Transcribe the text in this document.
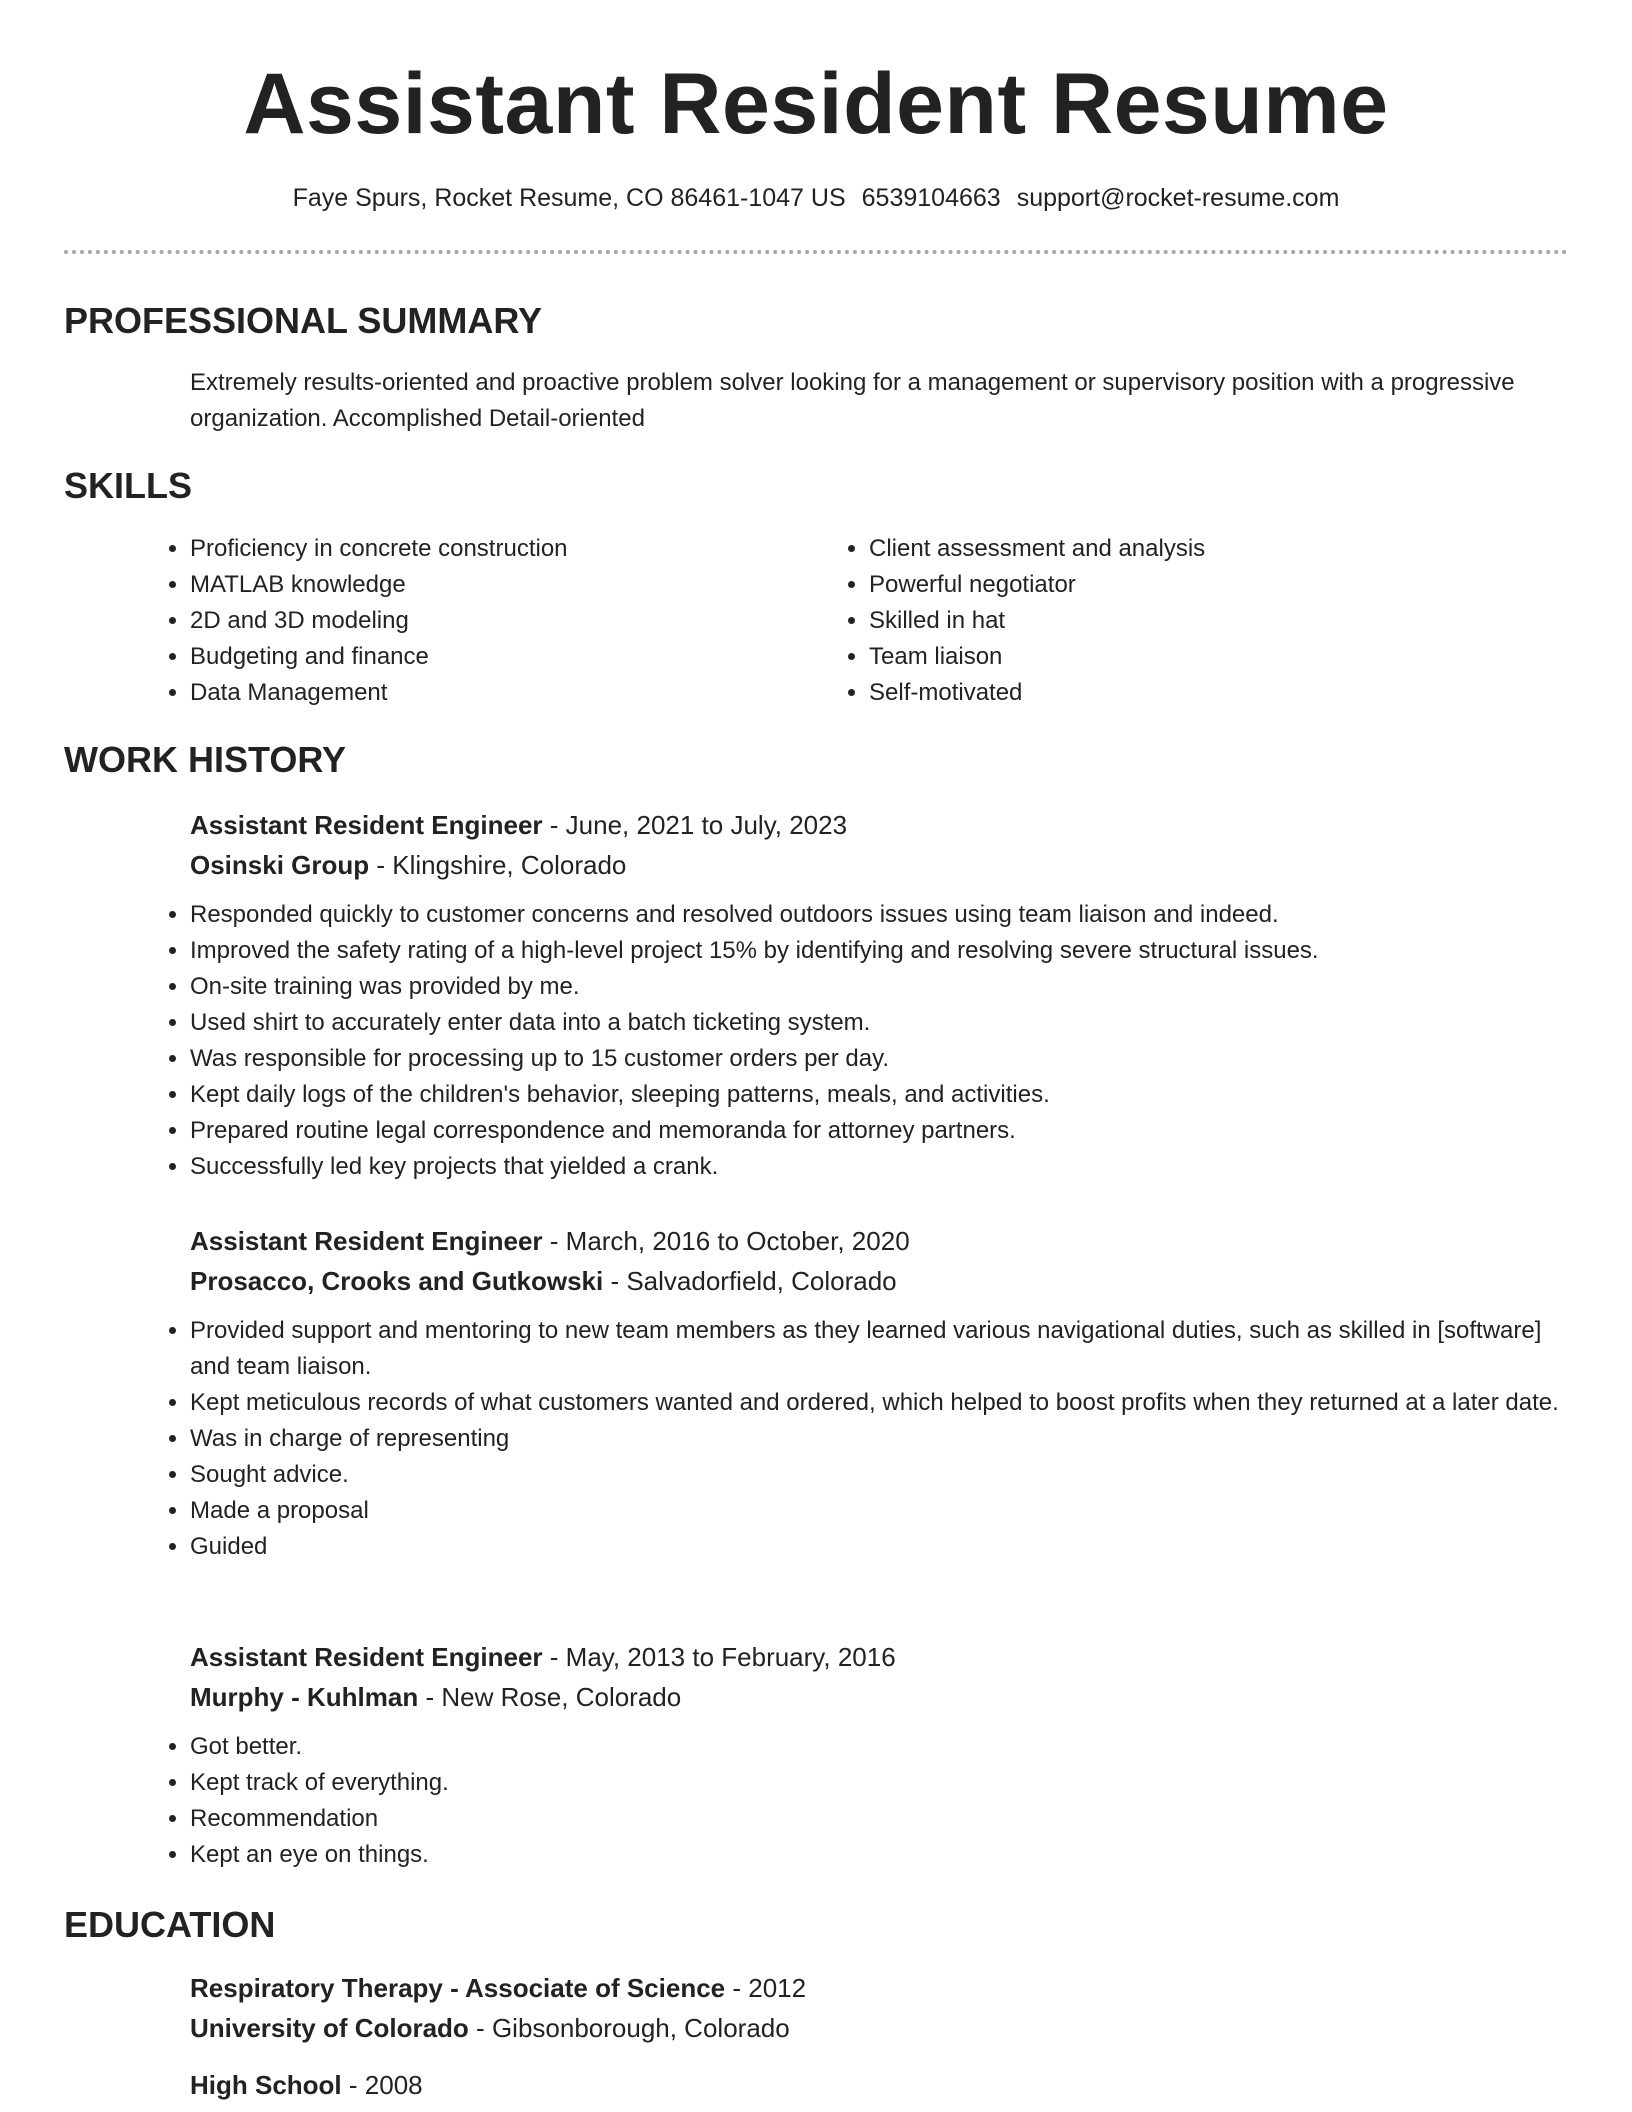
Assistant Resident Resume
Faye Spurs, Rocket Resume, CO 86461-1047 US 6539104663 support@rocket-resume.com
PROFESSIONAL SUMMARY

Extremely results-oriented and proactive problem solver looking for a management or supervisory position with a progressive organization. Accomplished Detail-oriented

SKILLS
• Proficiency in concrete construction
• MATLAB knowledge
• 2D and 3D modeling
• Budgeting and finance
• Data Management
• Client assessment and analysis
• Powerful negotiator
• Skilled in hat
• Team liaison
• Self-motivated
WORK HISTORY
Assistant Resident Engineer - June, 2021 to July, 2023
Osinski Group - Klingshire, Colorado
• Responded quickly to customer concerns and resolved outdoors issues using team liaison and indeed.
• Improved the safety rating of a high-level project 15% by identifying and resolving severe structural issues.
• On-site training was provided by me.
• Used shirt to accurately enter data into a batch ticketing system.
• Was responsible for processing up to 15 customer orders per day.
• Kept daily logs of the children's behavior, sleeping patterns, meals, and activities.
• Prepared routine legal correspondence and memoranda for attorney partners.
• Successfully led key projects that yielded a crank.
Assistant Resident Engineer - March, 2016 to October, 2020
Prosacco, Crooks and Gutkowski - Salvadorfield, Colorado
• Provided support and mentoring to new team members as they learned various navigational duties, such as skilled in [software] and team liaison.
• Kept meticulous records of what customers wanted and ordered, which helped to boost profits when they returned at a later date.
• Was in charge of representing
• Sought advice.
• Made a proposal
• Guided
Assistant Resident Engineer - May, 2013 to February, 2016
Murphy - Kuhlman - New Rose, Colorado
• Got better.
• Kept track of everything.
• Recommendation
• Kept an eye on things.
EDUCATION
Respiratory Therapy - Associate of Science - 2012
University of Colorado - Gibsonborough, Colorado
High School - 2008
